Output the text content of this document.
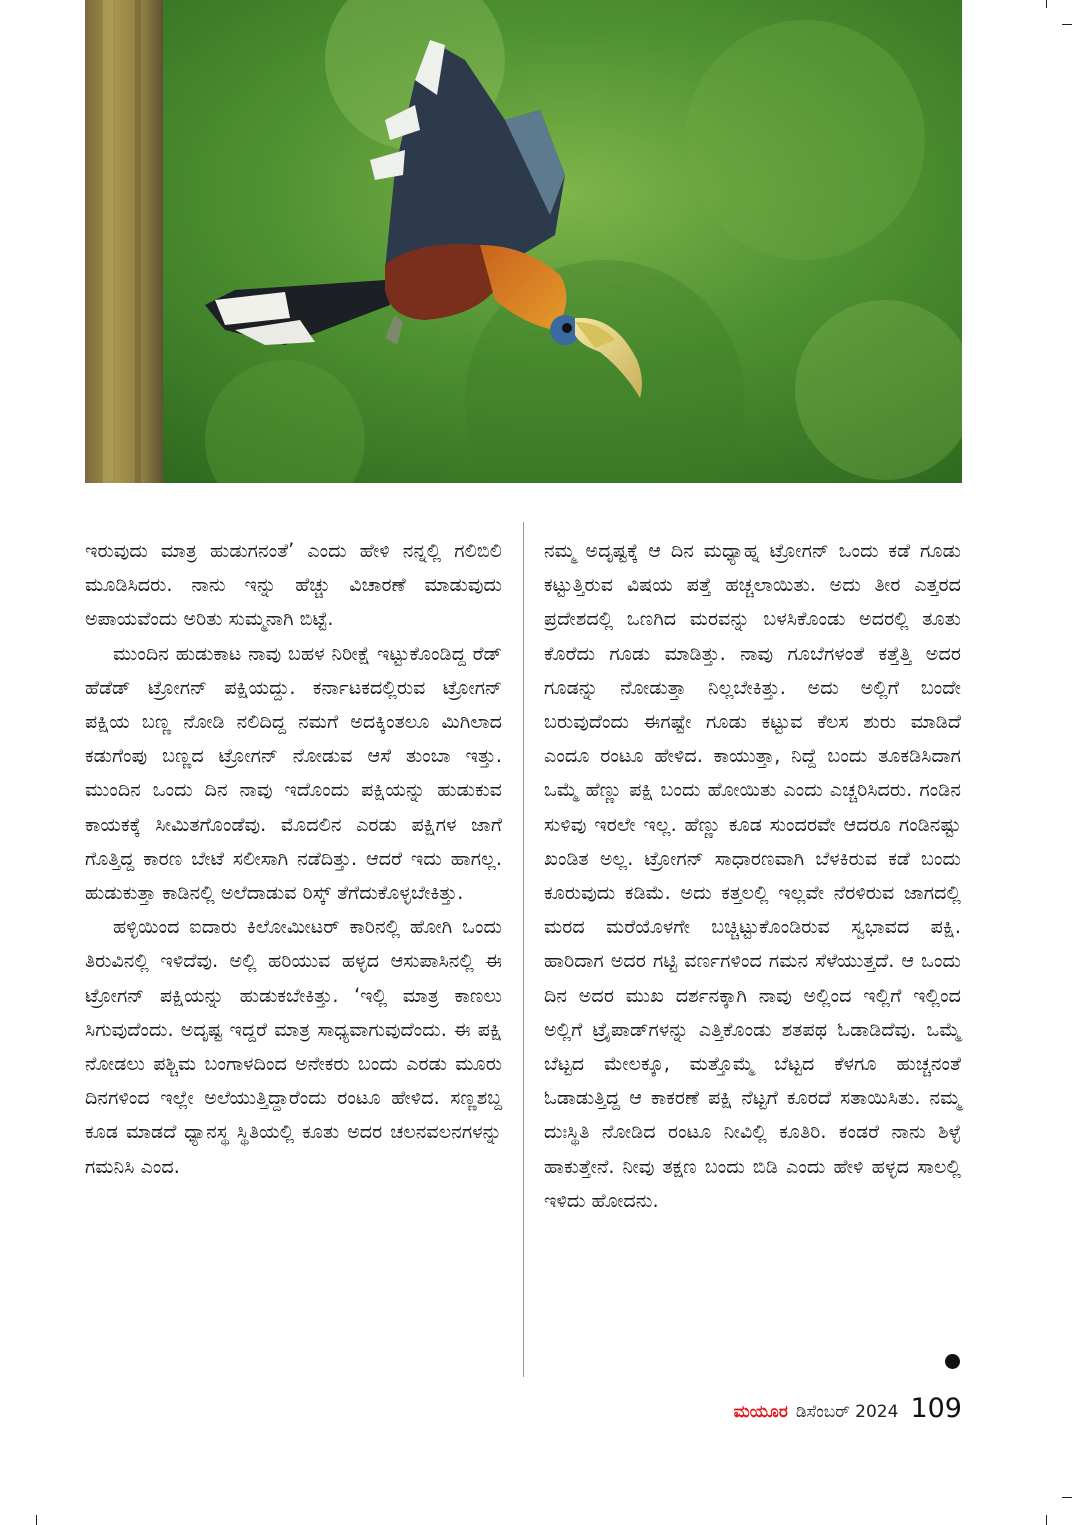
ಇರುವುದು ಮಾತ್ರ ಹುಡುಗನಂತೆ’ ಎಂದು ಹೇಳಿ ನನ್ನಲ್ಲಿ ಗಲಿಬಿಲಿ ಮೂಡಿಸಿದರು. ನಾನು ಇನ್ನು ಹೆಚ್ಚು ವಿಚಾರಣೆ ಮಾಡುವುದು ಅಪಾಯವೆಂದು ಅರಿತು ಸುಮ್ಮನಾಗಿ ಬಿಟ್ಟೆ.

ಮುಂದಿನ ಹುಡುಕಾಟ ನಾವು ಬಹಳ ನಿರೀಕ್ಷೆ ಇಟ್ಟುಕೊಂಡಿದ್ದ ರೆಡ್ ಹೆಡೆಡ್ ಟ್ರೋಗನ್ ಪಕ್ಷಿಯದ್ದು. ಕರ್ನಾಟಕದಲ್ಲಿರುವ ಟ್ರೋಗನ್ ಪಕ್ಷಿಯ ಬಣ್ಣ ನೋಡಿ ನಲಿದಿದ್ದ ನಮಗೆ ಅದಕ್ಕಿಂತಲೂ ಮಿಗಿಲಾದ ಕಡುಗೆಂಪು ಬಣ್ಣದ ಟ್ರೋಗನ್ ನೋಡುವ ಆಸೆ ತುಂಬಾ ಇತ್ತು. ಮುಂದಿನ ಒಂದು ದಿನ ನಾವು ಇದೊಂದು ಪಕ್ಷಿಯನ್ನು ಹುಡುಕುವ ಕಾಯಕಕ್ಕೆ ಸೀಮಿತಗೊಂಡೆವು. ಮೊದಲಿನ ಎರಡು ಪಕ್ಷಿಗಳ ಜಾಗೆ ಗೊತ್ತಿದ್ದ ಕಾರಣ ಬೇಟೆ ಸಲೀಸಾಗಿ ನಡೆದಿತ್ತು. ಆದರೆ ಇದು ಹಾಗಲ್ಲ. ಹುಡುಕುತ್ತಾ ಕಾಡಿನಲ್ಲಿ ಅಲೆದಾಡುವ ರಿಸ್ಕ್ ತೆಗೆದುಕೊಳ್ಳಬೇಕಿತ್ತು.

ಹಳ್ಳಿಯಿಂದ ಐದಾರು ಕಿಲೋಮೀಟರ್ ಕಾರಿನಲ್ಲಿ ಹೋಗಿ ಒಂದು ತಿರುವಿನಲ್ಲಿ ಇಳಿದೆವು. ಅಲ್ಲಿ ಹರಿಯುವ ಹಳ್ಳದ ಆಸುಪಾಸಿನಲ್ಲಿ ಈ ಟ್ರೋಗನ್ ಪಕ್ಷಿಯನ್ನು ಹುಡುಕಬೇಕಿತ್ತು. ‘ಇಲ್ಲಿ ಮಾತ್ರ ಕಾಣಲು ಸಿಗುವುದೆಂದು. ಅದೃಷ್ಟ ಇದ್ದರೆ ಮಾತ್ರ ಸಾಧ್ಯವಾಗುವುದೆಂದು. ಈ ಪಕ್ಷಿ ನೋಡಲು ಪಶ್ಚಿಮ ಬಂಗಾಳದಿಂದ ಅನೇಕರು ಬಂದು ಎರಡು ಮೂರು ದಿನಗಳಿಂದ ಇಲ್ಲೇ ಅಲೆಯುತ್ತಿದ್ದಾರೆಂದು ರಂಟೂ ಹೇಳಿದ. ಸಣ್ಣಶಬ್ದ ಕೂಡ ಮಾಡದೆ ಧ್ಯಾನಸ್ಥ ಸ್ಥಿತಿಯಲ್ಲಿ ಕೂತು ಅದರ ಚಲನವಲನಗಳನ್ನು ಗಮನಿಸಿ ಎಂದ.

ನಮ್ಮ ಅದೃಷ್ಟಕ್ಕೆ ಆ ದಿನ ಮಧ್ಯಾಹ್ನ ಟ್ರೋಗನ್ ಒಂದು ಕಡೆ ಗೂಡು ಕಟ್ಟುತ್ತಿರುವ ವಿಷಯ ಪತ್ತೆ ಹಚ್ಚಲಾಯಿತು. ಅದು ತೀರ ಎತ್ತರದ ಪ್ರದೇಶದಲ್ಲಿ ಒಣಗಿದ ಮರವನ್ನು ಬಳಸಿಕೊಂಡು ಅದರಲ್ಲಿ ತೂತು ಕೊರೆದು ಗೂಡು ಮಾಡಿತ್ತು. ನಾವು ಗೂಬೆಗಳಂತೆ ಕತ್ತೆತ್ತಿ ಅದರ ಗೂಡನ್ನು ನೋಡುತ್ತಾ ನಿಲ್ಲಬೇಕಿತ್ತು. ಅದು ಅಲ್ಲಿಗೆ ಬಂದೇ ಬರುವುದೆಂದು ಈಗಷ್ಟೇ ಗೂಡು ಕಟ್ಟುವ ಕೆಲಸ ಶುರು ಮಾಡಿದೆ ಎಂದೂ ರಂಟೂ ಹೇಳಿದ. ಕಾಯುತ್ತಾ, ನಿದ್ದೆ ಬಂದು ತೂಕಡಿಸಿದಾಗ ಒಮ್ಮೆ ಹೆಣ್ಣು ಪಕ್ಷಿ ಬಂದು ಹೋಯಿತು ಎಂದು ಎಚ್ಚರಿಸಿದರು. ಗಂಡಿನ ಸುಳಿವು ಇರಲೇ ಇಲ್ಲ. ಹೆಣ್ಣು ಕೂಡ ಸುಂದರವೇ ಆದರೂ ಗಂಡಿನಷ್ಟು ಖಂಡಿತ ಅಲ್ಲ. ಟ್ರೋಗನ್ ಸಾಧಾರಣವಾಗಿ ಬೆಳಕಿರುವ ಕಡೆ ಬಂದು ಕೂರುವುದು ಕಡಿಮೆ. ಅದು ಕತ್ತಲಲ್ಲಿ ಇಲ್ಲವೇ ನೆರಳಿರುವ ಜಾಗದಲ್ಲಿ ಮರದ ಮರೆಯೊಳಗೇ ಬಚ್ಚಿಟ್ಟುಕೊಂಡಿರುವ ಸ್ವಭಾವದ ಪಕ್ಷಿ. ಹಾರಿದಾಗ ಅದರ ಗಟ್ಟಿ ವರ್ಣಗಳಿಂದ ಗಮನ ಸೆಳೆಯುತ್ತದೆ. ಆ ಒಂದು ದಿನ ಅದರ ಮುಖ ದರ್ಶನಕ್ಕಾಗಿ ನಾವು ಅಲ್ಲಿಂದ ಇಲ್ಲಿಗೆ ಇಲ್ಲಿಂದ ಅಲ್ಲಿಗೆ ಟ್ರೈಪಾಡ್‌ಗಳನ್ನು ಎತ್ತಿಕೊಂಡು ಶತಪಥ ಓಡಾಡಿದೆವು. ಒಮ್ಮೆ ಬೆಟ್ಟದ ಮೇಲಕ್ಕೂ, ಮತ್ತೊಮ್ಮೆ ಬೆಟ್ಟದ ಕೆಳಗೂ ಹುಚ್ಚನಂತೆ ಓಡಾಡುತ್ತಿದ್ದ ಆ ಕಾಕರಣೆ ಪಕ್ಷಿ ನೆಟ್ಟಗೆ ಕೂರದೆ ಸತಾಯಿಸಿತು. ನಮ್ಮ ದುಃಸ್ಥಿತಿ ನೋಡಿದ ರಂಟೂ ನೀವಿಲ್ಲಿ ಕೂತಿರಿ. ಕಂಡರೆ ನಾನು ಶಿಳ್ಳೆ ಹಾಕುತ್ತೇನೆ. ನೀವು ತಕ್ಷಣ ಬಂದು ಬಿಡಿ ಎಂದು ಹೇಳಿ ಹಳ್ಳದ ಸಾಲಲ್ಲಿ ಇಳಿದು ಹೋದನು.

ಮಯೂರ ಡಿಸೆಂಬರ್ 2024 109
